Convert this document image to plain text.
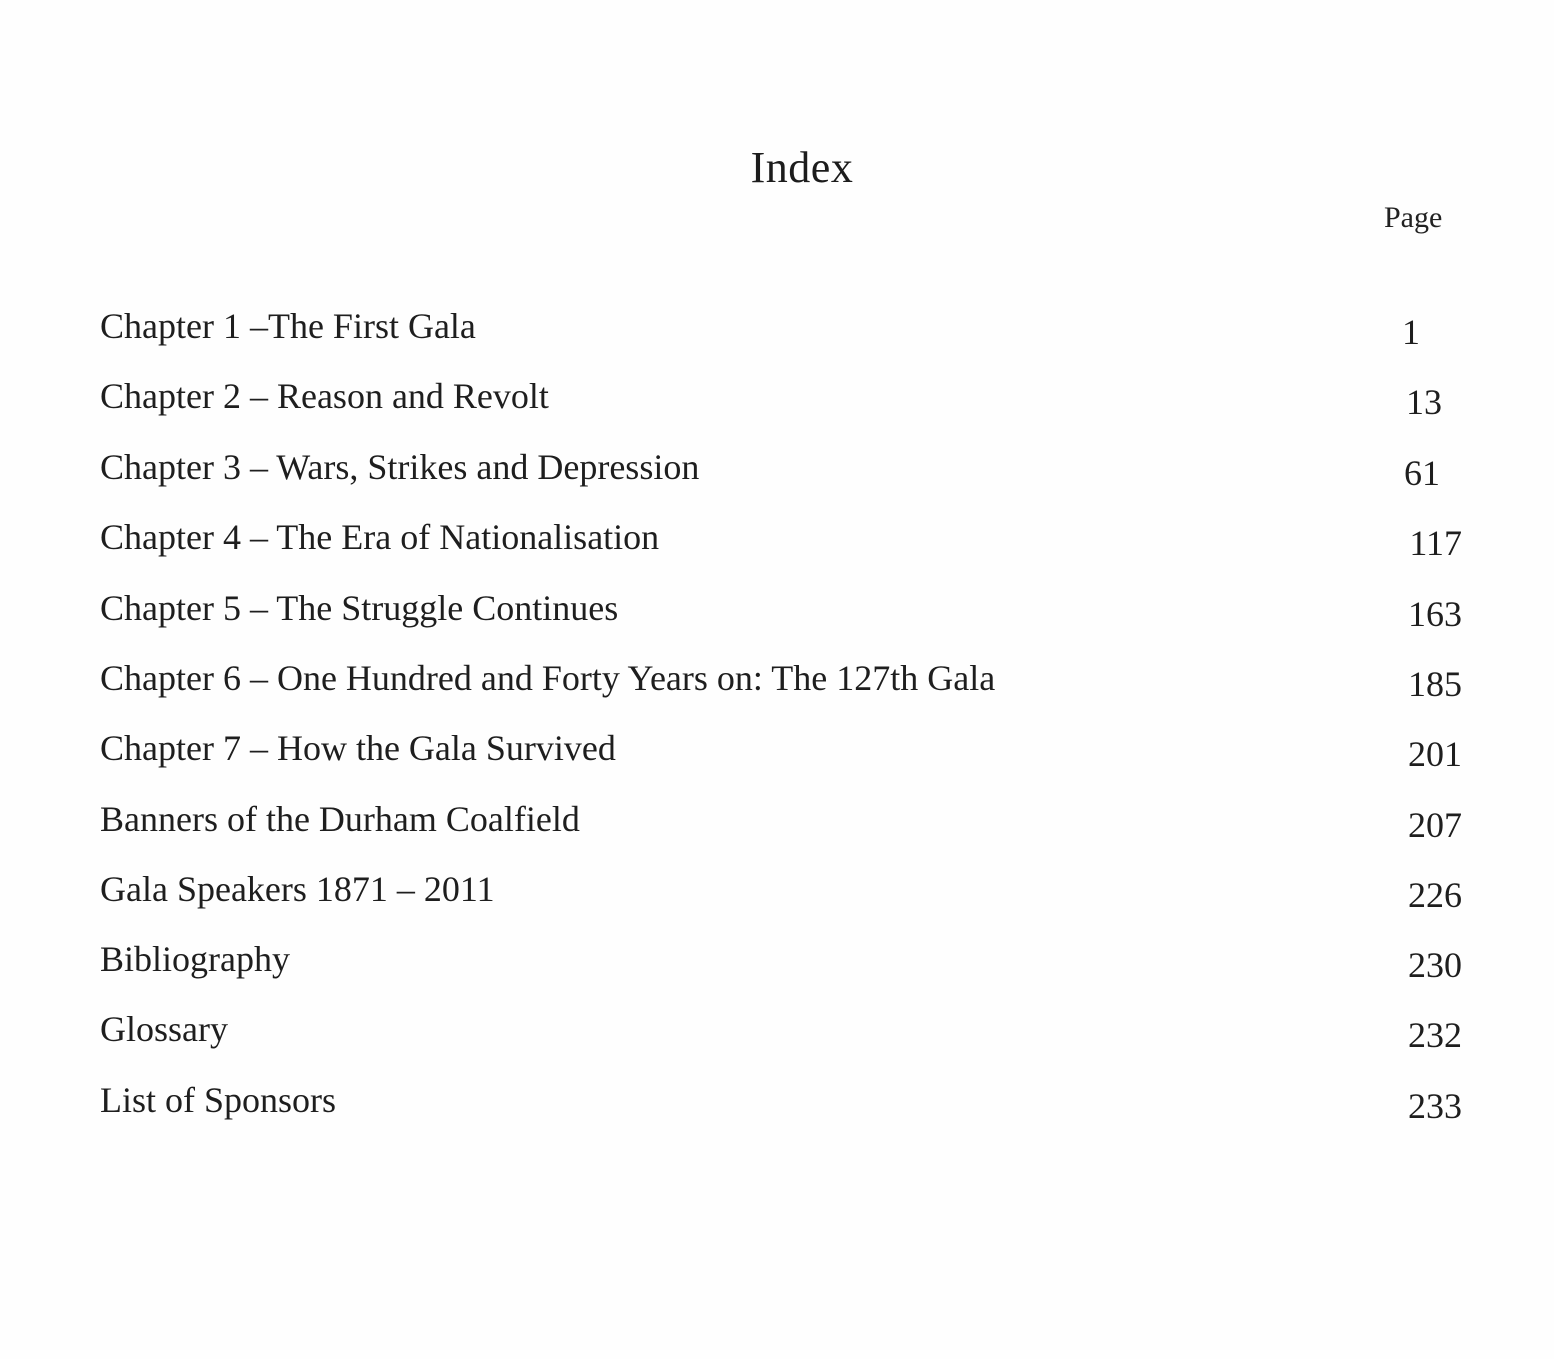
Index
Page
Chapter 1 –The First Gala	1
Chapter 2 – Reason and Revolt	13
Chapter 3 – Wars, Strikes and Depression	61
Chapter 4 – The Era of Nationalisation	117
Chapter 5 – The Struggle Continues	163
Chapter 6 – One Hundred and Forty Years on: The 127th Gala	185
Chapter 7 – How the Gala Survived	201
Banners of the Durham Coalfield	207
Gala Speakers 1871 – 2011	226
Bibliography	230
Glossary	232
List of Sponsors	233
